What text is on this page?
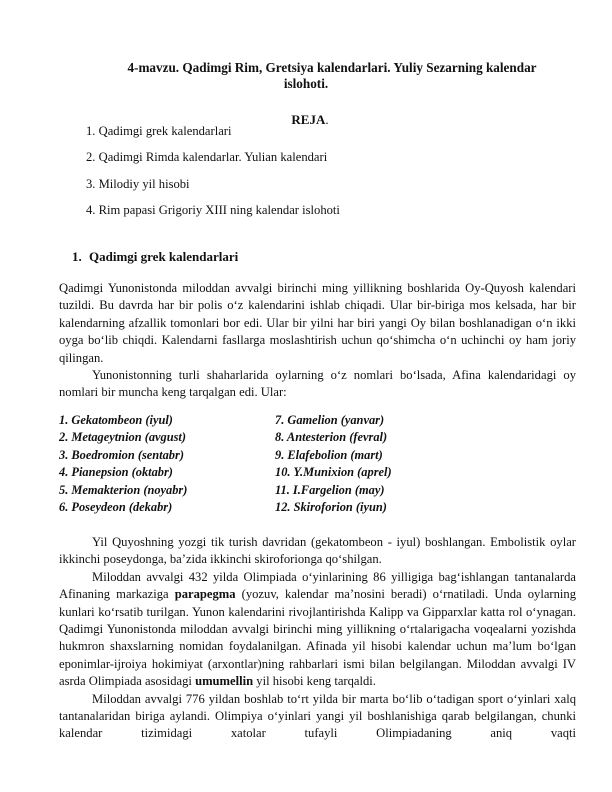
4-mavzu. Qadimgi Rim, Gretsiya kalendarlari. Yuliy Sezarning kalendar
islohoti.
REJA.
1. Qadimgi grek kalendarlari
2. Qadimgi Rimda kalendarlar. Yulian kalendari
3. Milodiy yil hisobi
4. Rim papasi Grigoriy XIII ning kalendar islohoti
1. Qadimgi grek kalendarlari

Qadimgi Yunonistonda miloddan avvalgi birinchi ming yillikning boshlarida Oy-Quyosh kalendari tuzildi. Bu davrda har bir polis o‘z kalendarini ishlab chiqadi. Ular bir-biriga mos kelsada, har bir kalendarning afzallik tomonlari bor edi. Ular bir yilni har biri yangi Oy bilan boshlanadigan o‘n ikki oyga bo‘lib chiqdi. Kalendarni fasllarga moslashtirish uchun qo‘shimcha o‘n uchinchi oy ham joriy qilingan.

Yunonistonning turli shaharlarida oylarning o‘z nomlari bo‘lsada, Afina kalendaridagi oy nomlari bir muncha keng tarqalgan edi. Ular:

1. Gekatombeon (iyul)	7. Gamelion (yanvar)
2. Metageytnion (avgust)	8. Antesterion (fevral)
3. Boedromion (sentabr)	9. Elafebolion (mart)
4. Pianepsion (oktabr)	10. Y.Munixion (aprel)
5. Memakterion (noyabr)	11. I.Fargelion (may)
6. Poseydeon (dekabr)	12. Skiroforion (iyun)

Yil Quyoshning yozgi tik turish davridan (gekatombeon - iyul) boshlangan. Embolistik oylar ikkinchi poseydonga, ba’zida ikkinchi skiroforionga qo‘shilgan.

Miloddan avvalgi 432 yilda Olimpiada o‘yinlarining 86 yilligiga bag‘ishlangan tantanalarda Afinaning markaziga parapegma (yozuv, kalendar ma’nosini beradi) o‘rnatiladi. Unda oylarning kunlari ko‘rsatib turilgan. Yunon kalendarini rivojlantirishda Kalipp va Gipparxlar katta rol o‘ynagan. Qadimgi Yunonistonda miloddan avvalgi birinchi ming yillikning o‘rtalarigacha voqealarni yozishda hukmron shaxslarning nomidan foydalanilgan. Afinada yil hisobi kalendar uchun ma’lum bo‘lgan eponimlar-ijroiya hokimiyat (arxontlar)ning rahbarlari ismi bilan belgilangan. Miloddan avvalgi IV asrda Olimpiada asosidagi umumellin yil hisobi keng tarqaldi.

Miloddan avvalgi 776 yildan boshlab to‘rt yilda bir marta bo‘lib o‘tadigan sport o‘yinlari xalq tantanalaridan biriga aylandi. Olimpiya o‘yinlari yangi yil boshlanishiga qarab belgilangan, chunki kalendar tizimidagi xatolar tufayli Olimpiadaning aniq vaqti
